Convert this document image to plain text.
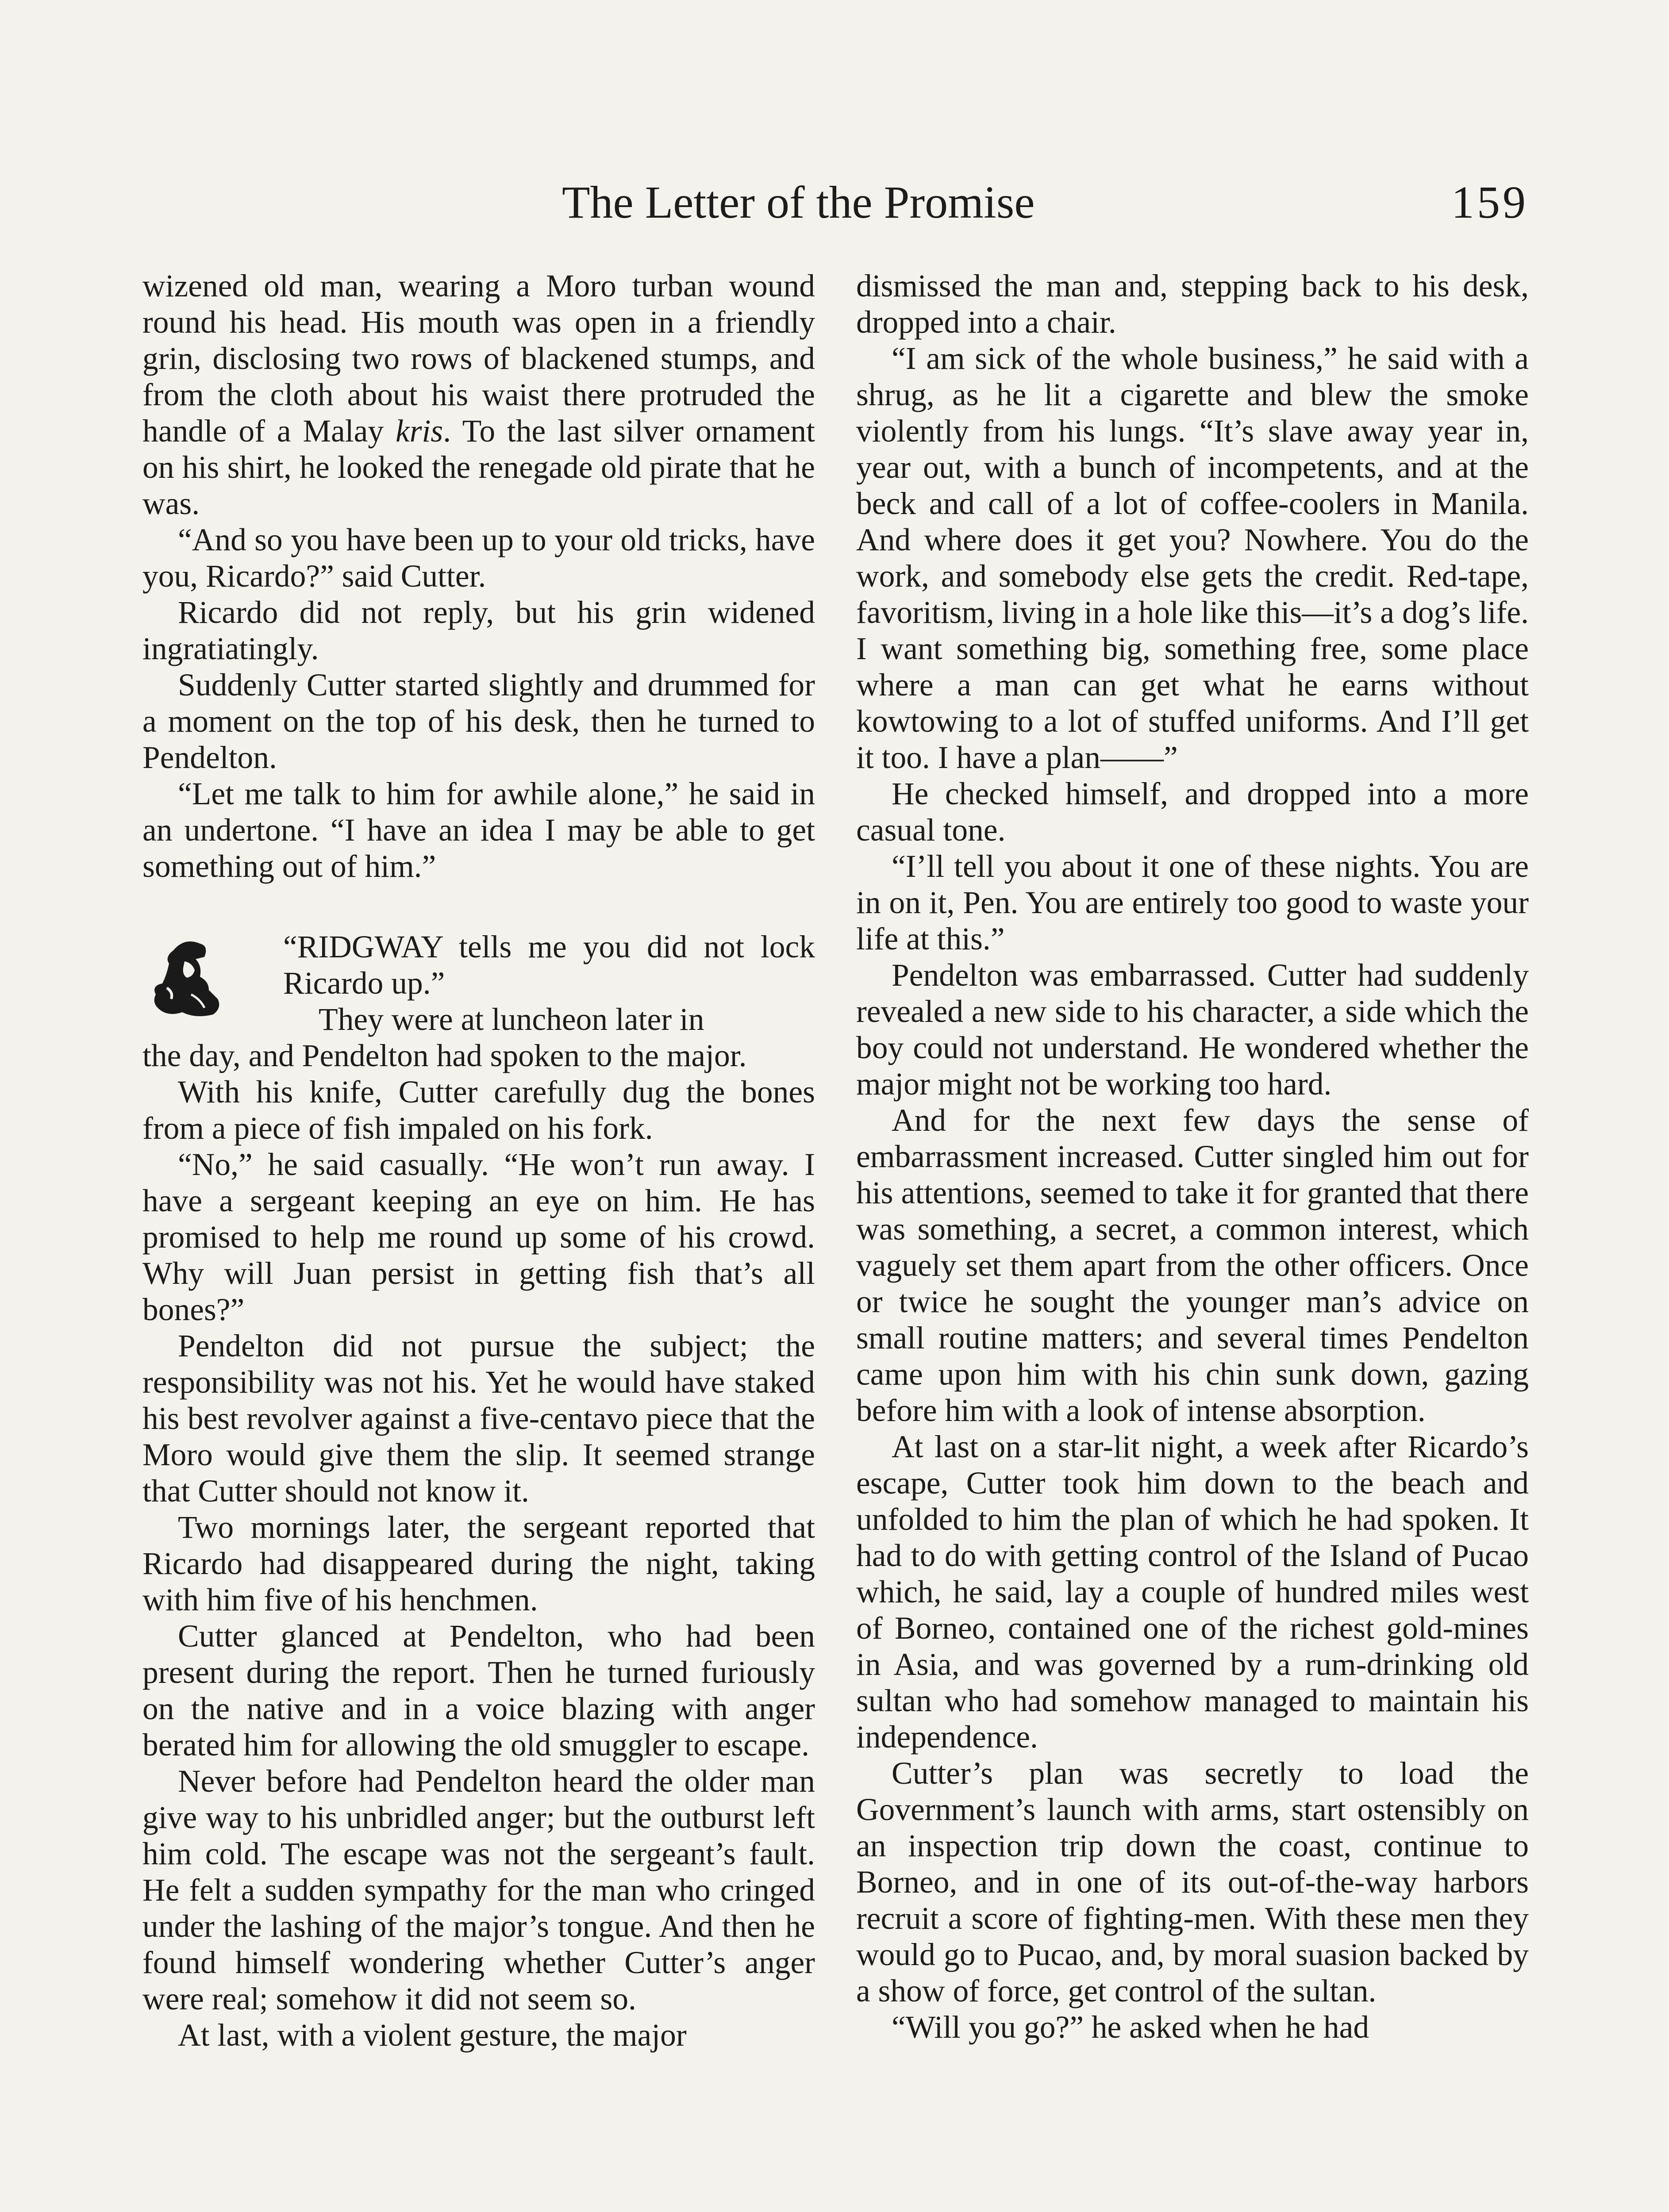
The Letter of the Promise	159

wizened old man, wearing a Moro turban wound round his head. His mouth was open in a friendly grin, disclosing two rows of blackened stumps, and from the cloth about his waist there protruded the handle of a Malay kris. To the last silver ornament on his shirt, he looked the renegade old pirate that he was.

“And so you have been up to your old tricks, have you, Ricardo?” said Cutter.

Ricardo did not reply, but his grin widened ingratiatingly.

Suddenly Cutter started slightly and drummed for a moment on the top of his desk, then he turned to Pendelton.

“Let me talk to him for awhile alone,” he said in an undertone. “I have an idea I may be able to get something out of him.”

“RIDGWAY tells me you did not lock Ricardo up.”

They were at luncheon later in

the day, and Pendelton had spoken to the major.

With his knife, Cutter carefully dug the bones from a piece of fish impaled on his fork.

“No,” he said casually. “He won’t run away. I have a sergeant keeping an eye on him. He has promised to help me round up some of his crowd. Why will Juan persist in getting fish that’s all bones?”

Pendelton did not pursue the subject; the responsibility was not his. Yet he would have staked his best revolver against a five-centavo piece that the Moro would give them the slip. It seemed strange that Cutter should not know it.

Two mornings later, the sergeant reported that Ricardo had disappeared during the night, taking with him five of his henchmen.

Cutter glanced at Pendelton, who had been present during the report. Then he turned furiously on the native and in a voice blazing with anger berated him for allowing the old smuggler to escape.

Never before had Pendelton heard the older man give way to his unbridled anger; but the outburst left him cold. The escape was not the sergeant’s fault. He felt a sudden sympathy for the man who cringed under the lashing of the major’s tongue. And then he found himself wondering whether Cutter’s anger were real; somehow it did not seem so.

At last, with a violent gesture, the major

dismissed the man and, stepping back to his desk, dropped into a chair.

“I am sick of the whole business,” he said with a shrug, as he lit a cigarette and blew the smoke violently from his lungs. “It’s slave away year in, year out, with a bunch of incompetents, and at the beck and call of a lot of coffee-coolers in Manila. And where does it get you? Nowhere. You do the work, and somebody else gets the credit. Red-tape, favoritism, living in a hole like this—it’s a dog’s life. I want something big, something free, some place where a man can get what he earns without kowtowing to a lot of stuffed uniforms. And I’ll get it too. I have a plan——”

He checked himself, and dropped into a more casual tone.

“I’ll tell you about it one of these nights. You are in on it, Pen. You are entirely too good to waste your life at this.”

Pendelton was embarrassed. Cutter had suddenly revealed a new side to his character, a side which the boy could not understand. He wondered whether the major might not be working too hard.

And for the next few days the sense of embarrassment increased. Cutter singled him out for his attentions, seemed to take it for granted that there was something, a secret, a common interest, which vaguely set them apart from the other officers. Once or twice he sought the younger man’s advice on small routine matters; and several times Pendelton came upon him with his chin sunk down, gazing before him with a look of intense absorption.

At last on a star-lit night, a week after Ricardo’s escape, Cutter took him down to the beach and unfolded to him the plan of which he had spoken. It had to do with getting control of the Island of Pucao which, he said, lay a couple of hundred miles west of Borneo, contained one of the richest gold-mines in Asia, and was governed by a rum-drinking old sultan who had somehow managed to maintain his independence.

Cutter’s plan was secretly to load the Government’s launch with arms, start ostensibly on an inspection trip down the coast, continue to Borneo, and in one of its out-of-the-way harbors recruit a score of fighting-men. With these men they would go to Pucao, and, by moral suasion backed by a show of force, get control of the sultan.

“Will you go?” he asked when he had
